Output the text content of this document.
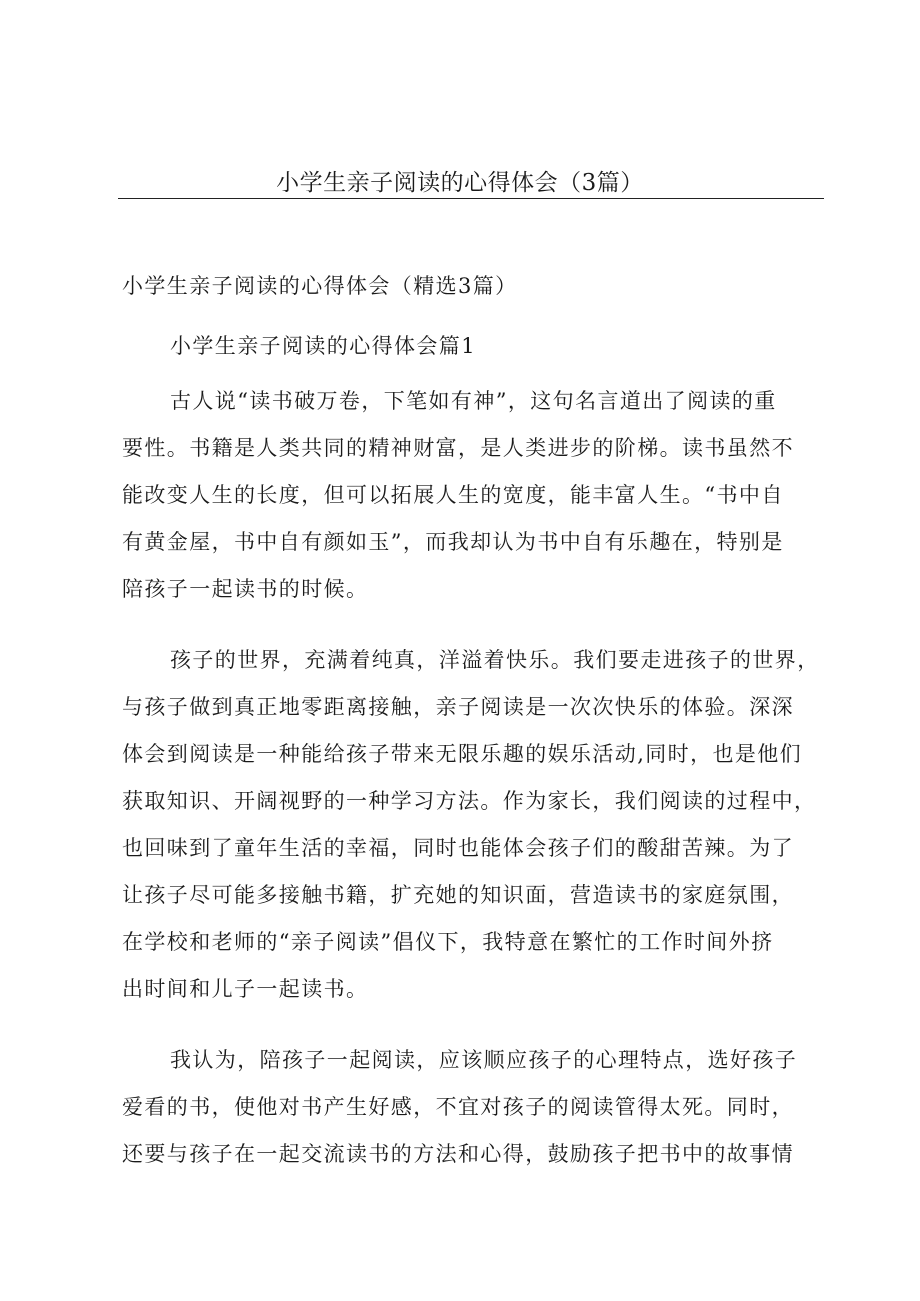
小学生亲子阅读的心得体会（3篇）

小学生亲子阅读的心得体会（精选3篇）

小学生亲子阅读的心得体会篇1

古人说“读书破万卷，下笔如有神”，这句名言道出了阅读的重
要性。书籍是人类共同的精神财富，是人类进步的阶梯。读书虽然不
能改变人生的长度，但可以拓展人生的宽度，能丰富人生。“书中自
有黄金屋，书中自有颜如玉”，而我却认为书中自有乐趣在，特别是
陪孩子一起读书的时候。
孩子的世界，充满着纯真，洋溢着快乐。我们要走进孩子的世界，
与孩子做到真正地零距离接触，亲子阅读是一次次快乐的体验。深深
体会到阅读是一种能给孩子带来无限乐趣的娱乐活动,同时，也是他们
获取知识、开阔视野的一种学习方法。作为家长，我们阅读的过程中，
也回味到了童年生活的幸福，同时也能体会孩子们的酸甜苦辣。为了
让孩子尽可能多接触书籍，扩充她的知识面，营造读书的家庭氛围，
在学校和老师的“亲子阅读”倡仪下，我特意在繁忙的工作时间外挤
出时间和儿子一起读书。
我认为，陪孩子一起阅读，应该顺应孩子的心理特点，选好孩子
爱看的书，使他对书产生好感，不宜对孩子的阅读管得太死。同时，
还要与孩子在一起交流读书的方法和心得，鼓励孩子把书中的故事情
